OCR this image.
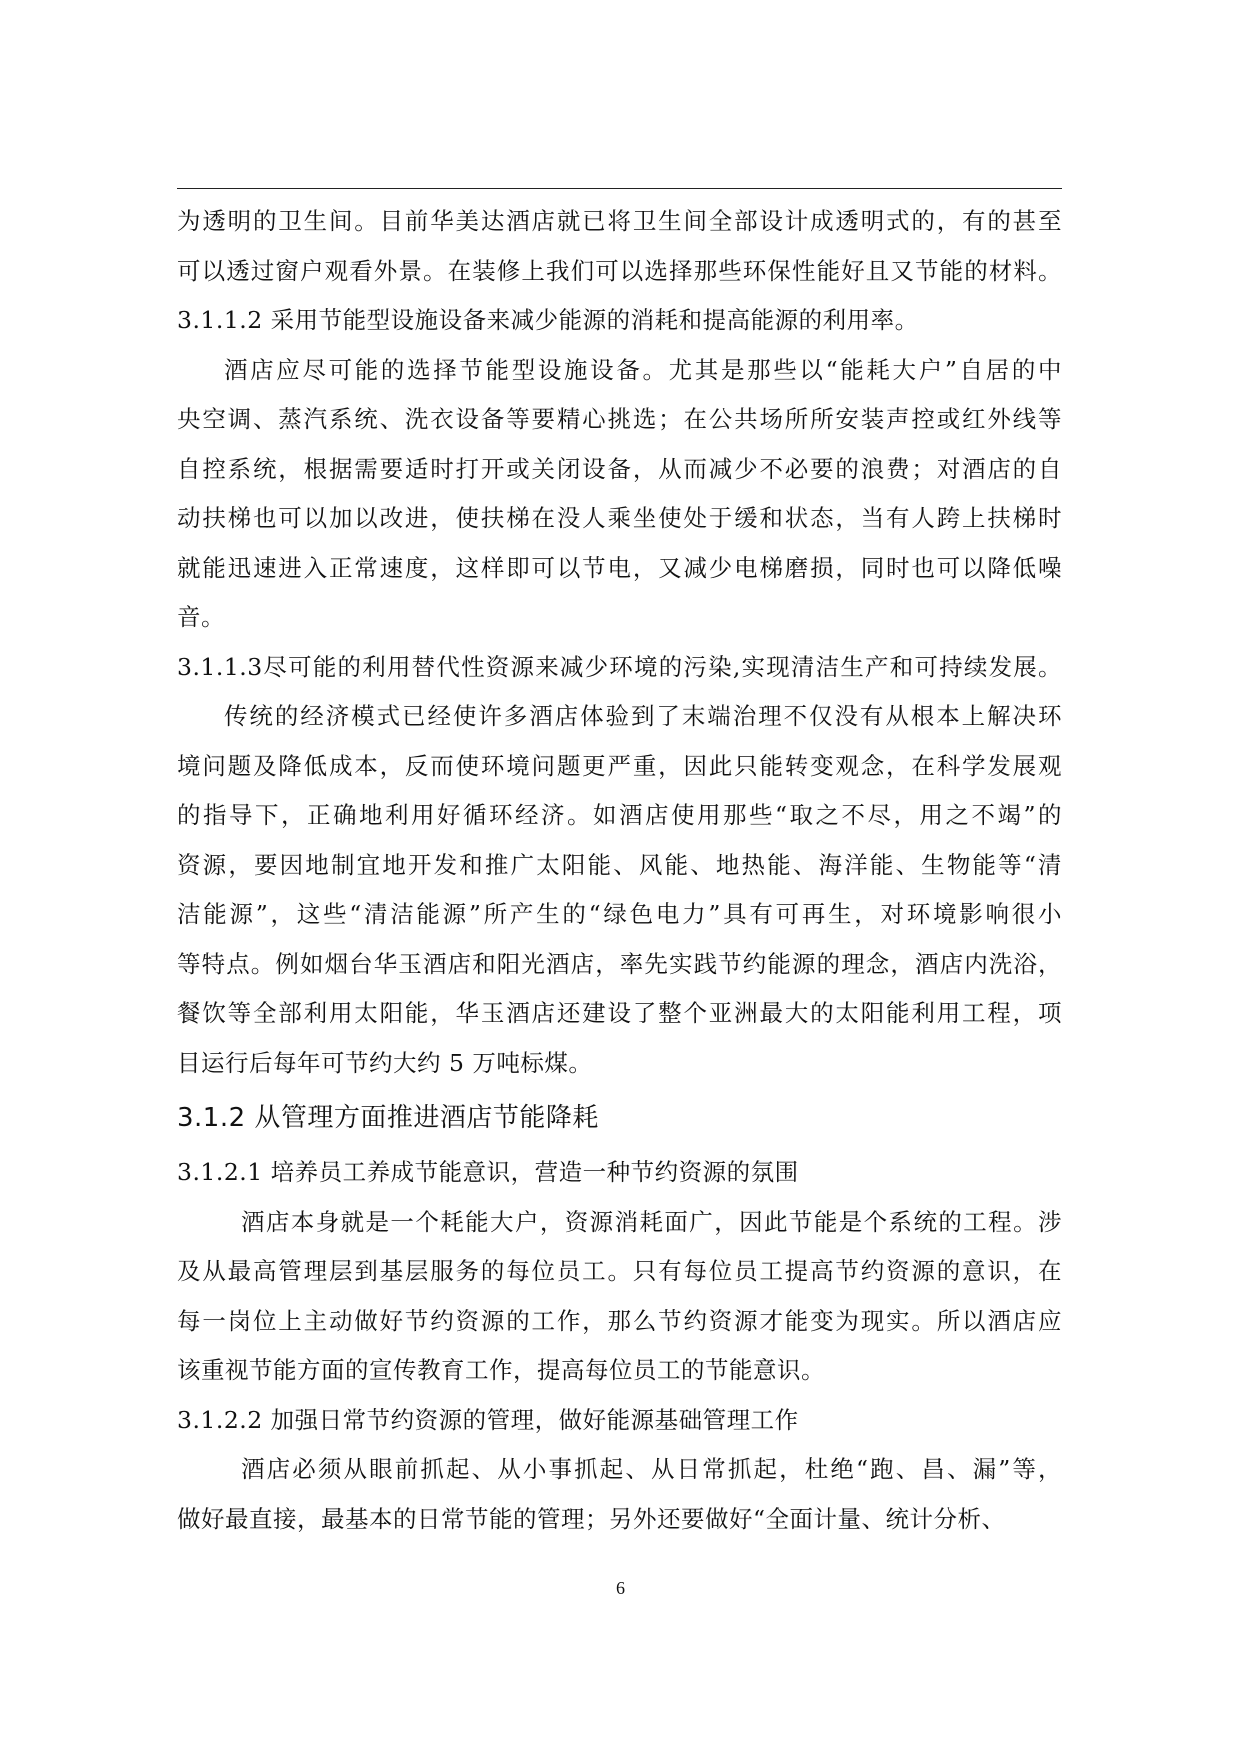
为透明的卫生间。目前华美达酒店就已将卫生间全部设计成透明式的，有的甚至
可以透过窗户观看外景。在装修上我们可以选择那些环保性能好且又节能的材料。
3.1.1.2 采用节能型设施设备来减少能源的消耗和提高能源的利用率。
酒店应尽可能的选择节能型设施设备。尤其是那些以“能耗大户”自居的中
央空调、蒸汽系统、洗衣设备等要精心挑选；在公共场所所安装声控或红外线等
自控系统，根据需要适时打开或关闭设备，从而减少不必要的浪费；对酒店的自
动扶梯也可以加以改进，使扶梯在没人乘坐使处于缓和状态，当有人跨上扶梯时
就能迅速进入正常速度，这样即可以节电，又减少电梯磨损，同时也可以降低噪
音。
3.1.1.3尽可能的利用替代性资源来减少环境的污染,实现清洁生产和可持续发展。
传统的经济模式已经使许多酒店体验到了末端治理不仅没有从根本上解决环
境问题及降低成本，反而使环境问题更严重，因此只能转变观念，在科学发展观
的指导下，正确地利用好循环经济。如酒店使用那些“取之不尽，用之不竭”的
资源，要因地制宜地开发和推广太阳能、风能、地热能、海洋能、生物能等“清
洁能源”，这些“清洁能源”所产生的“绿色电力”具有可再生，对环境影响很小
等特点。例如烟台华玉酒店和阳光酒店，率先实践节约能源的理念，酒店内洗浴，
餐饮等全部利用太阳能，华玉酒店还建设了整个亚洲最大的太阳能利用工程，项
目运行后每年可节约大约 5 万吨标煤。
3.1.2 从管理方面推进酒店节能降耗
3.1.2.1 培养员工养成节能意识，营造一种节约资源的氛围
酒店本身就是一个耗能大户，资源消耗面广，因此节能是个系统的工程。涉
及从最高管理层到基层服务的每位员工。只有每位员工提高节约资源的意识，在
每一岗位上主动做好节约资源的工作，那么节约资源才能变为现实。所以酒店应
该重视节能方面的宣传教育工作，提高每位员工的节能意识。
3.1.2.2 加强日常节约资源的管理，做好能源基础管理工作
酒店必须从眼前抓起、从小事抓起、从日常抓起，杜绝“跑、昌、漏”等，
做好最直接，最基本的日常节能的管理；另外还要做好“全面计量、统计分析、
6
